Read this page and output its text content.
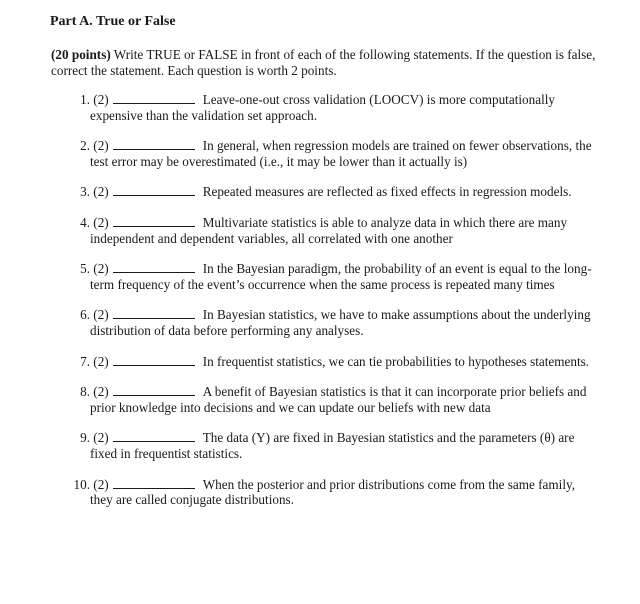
Part A. True or False
(20 points) Write TRUE or FALSE in front of each of the following statements. If the question is false, correct the statement. Each question is worth 2 points.
1. (2)	Leave-one-out cross validation (LOOCV) is more computationally expensive than the validation set approach.
2. (2)	In general, when regression models are trained on fewer observations, the test error may be overestimated (i.e., it may be lower than it actually is)
3. (2)	Repeated measures are reflected as fixed effects in regression models.
4. (2)	Multivariate statistics is able to analyze data in which there are many independent and dependent variables, all correlated with one another
5. (2)	In the Bayesian paradigm, the probability of an event is equal to the long-term frequency of the event’s occurrence when the same process is repeated many times
6. (2)	In Bayesian statistics, we have to make assumptions about the underlying distribution of data before performing any analyses.
7. (2)	In frequentist statistics, we can tie probabilities to hypotheses statements.
8. (2)	A benefit of Bayesian statistics is that it can incorporate prior beliefs and prior knowledge into decisions and we can update our beliefs with new data
9. (2)	The data (Y) are fixed in Bayesian statistics and the parameters (θ) are fixed in frequentist statistics.
10. (2)	When the posterior and prior distributions come from the same family, they are called conjugate distributions.
